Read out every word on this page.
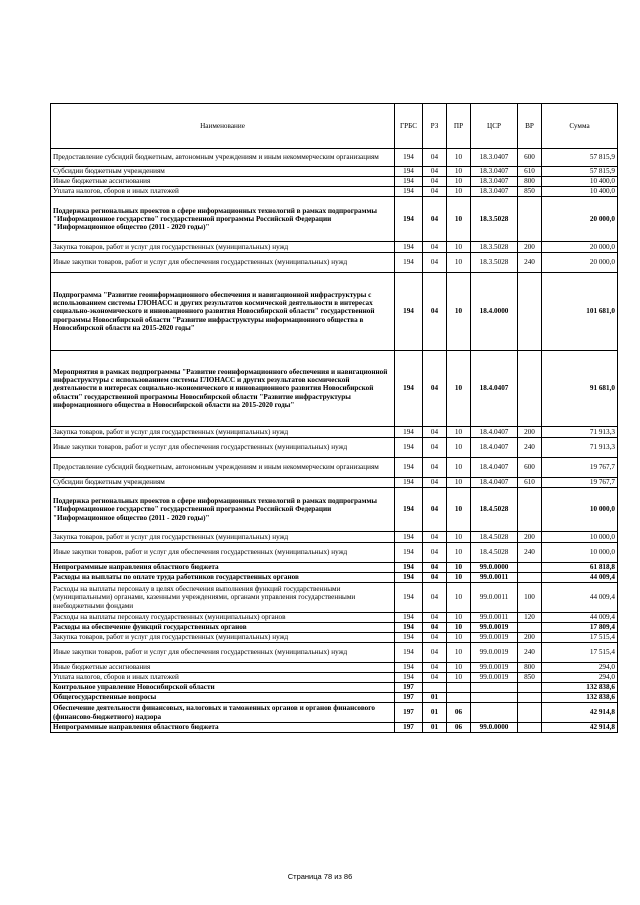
Наименование	ГРБС	РЗ	ПР	ЦСР	ВР	Сумма
Предоставление субсидий бюджетным, автономным учреждениям и иным некоммерческим организациям	194	04	10	18.3.0407	600	57 815,9
Субсидии бюджетным учреждениям	194	04	10	18.3.0407	610	57 815,9
Иные бюджетные ассигнования	194	04	10	18.3.0407	800	10 400,0
Уплата налогов, сборов и иных платежей	194	04	10	18.3.0407	850	10 400,0
Поддержка региональных проектов в сфере информационных технологий в рамках подпрограммы "Информационное государство" государственной программы Российской Федерации "Информационное общество (2011 - 2020 годы)"	194	04	10	18.3.5028		20 000,0
Закупка товаров, работ и услуг для государственных (муниципальных) нужд	194	04	10	18.3.5028	200	20 000,0
Иные закупки товаров, работ и услуг для обеспечения государственных (муниципальных) нужд	194	04	10	18.3.5028	240	20 000,0
Подпрограмма "Развитие геоинформационного обеспечения и навигационной инфраструктуры с использованием системы ГЛОНАСС и других результатов космической деятельности в интересах социально-экономического и инновационного развития Новосибирской области" государственной программы Новосибирской области "Развитие инфраструктуры информационного общества в Новосибирской области на 2015-2020 годы"	194	04	10	18.4.0000		101 681,0
Мероприятия в рамках подпрограммы "Развитие геоинформационного обеспечения и навигационной инфраструктуры с использованием системы ГЛОНАСС и других результатов космической деятельности в интересах социально-экономического и инновационного развития Новосибирской области" государственной программы Новосибирской области "Развитие инфраструктуры информационного общества в Новосибирской области на 2015-2020 годы"	194	04	10	18.4.0407		91 681,0
Закупка товаров, работ и услуг для государственных (муниципальных) нужд	194	04	10	18.4.0407	200	71 913,3
Иные закупки товаров, работ и услуг для обеспечения государственных (муниципальных) нужд	194	04	10	18.4.0407	240	71 913,3
Предоставление субсидий бюджетным, автономным учреждениям и иным некоммерческим организациям	194	04	10	18.4.0407	600	19 767,7
Субсидии бюджетным учреждениям	194	04	10	18.4.0407	610	19 767,7
Поддержка региональных проектов в сфере информационных технологий в рамках подпрограммы "Информационное государство" государственной программы Российской Федерации "Информационное общество (2011 - 2020 годы)"	194	04	10	18.4.5028		10 000,0
Закупка товаров, работ и услуг для государственных (муниципальных) нужд	194	04	10	18.4.5028	200	10 000,0
Иные закупки товаров, работ и услуг для обеспечения государственных (муниципальных) нужд	194	04	10	18.4.5028	240	10 000,0
Непрограммные направления областного бюджета	194	04	10	99.0.0000		61 818,8
Расходы на выплаты по оплате труда работников государственных органов	194	04	10	99.0.0011		44 009,4
Расходы на выплаты персоналу в целях обеспечения выполнения функций государственными (муниципальными) органами, казенными учреждениями, органами управления государственными внебюджетными фондами	194	04	10	99.0.0011	100	44 009,4
Расходы на выплаты персоналу государственных (муниципальных) органов	194	04	10	99.0.0011	120	44 009,4
Расходы на обеспечение функций государственных органов	194	04	10	99.0.0019		17 809,4
Закупка товаров, работ и услуг для государственных (муниципальных) нужд	194	04	10	99.0.0019	200	17 515,4
Иные закупки товаров, работ и услуг для обеспечения государственных (муниципальных) нужд	194	04	10	99.0.0019	240	17 515,4
Иные бюджетные ассигнования	194	04	10	99.0.0019	800	294,0
Уплата налогов, сборов и иных платежей	194	04	10	99.0.0019	850	294,0
Контрольное управление Новосибирской области	197					132 838,6
Общегосударственные вопросы	197	01				132 838,6
Обеспечение деятельности финансовых, налоговых и таможенных органов и органов финансового (финансово-бюджетного) надзора	197	01	06			42 914,8
Непрограммные направления областного бюджета	197	01	06	99.0.0000		42 914,8
Страница 78 из 86
